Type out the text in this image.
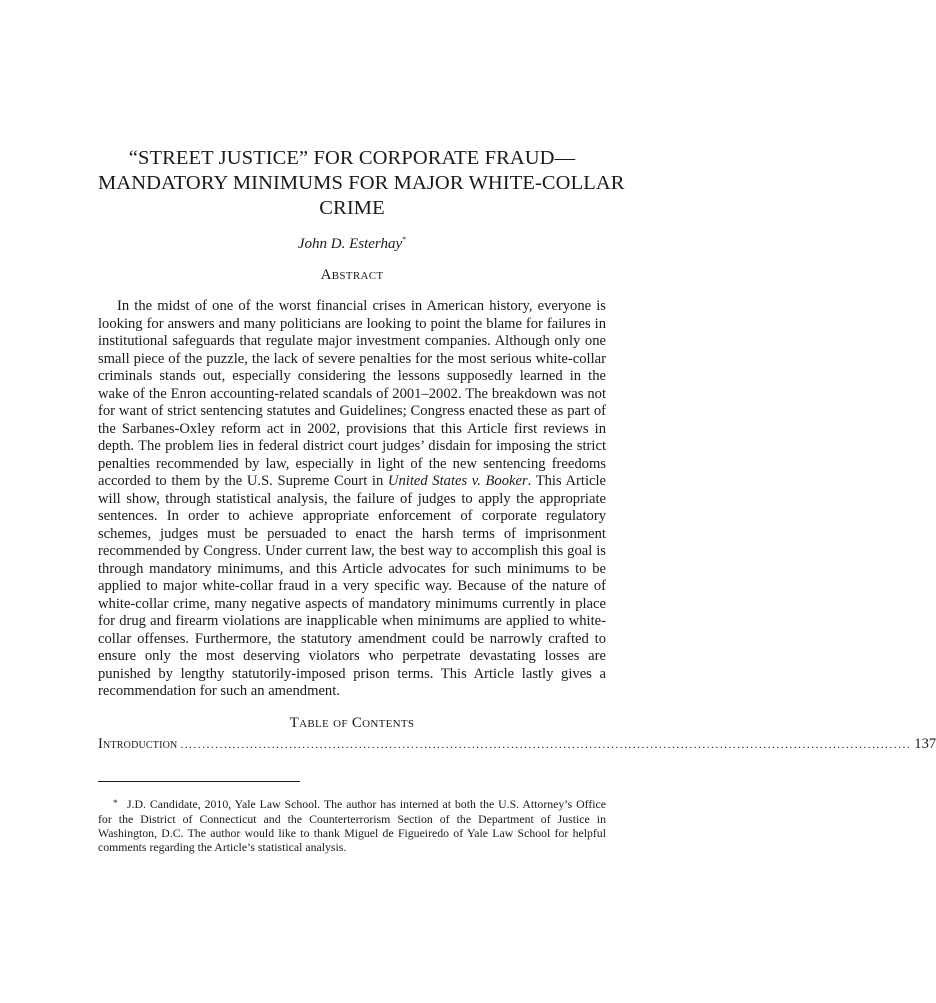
“STREET JUSTICE” FOR CORPORATE FRAUD—
MANDATORY MINIMUMS FOR MAJOR WHITE-COLLAR
CRIME
John D. Esterhay*
Abstract

In the midst of one of the worst financial crises in American history, everyone is looking for answers and many politicians are looking to point the blame for failures in institutional safeguards that regulate major investment companies. Although only one small piece of the puzzle, the lack of severe penalties for the most serious white-collar criminals stands out, especially considering the lessons supposedly learned in the wake of the Enron accounting-related scandals of 2001–2002. The breakdown was not for want of strict sentencing statutes and Guidelines; Congress enacted these as part of the Sarbanes-Oxley reform act in 2002, provisions that this Article first reviews in depth. The problem lies in federal district court judges’ disdain for imposing the strict penalties recommended by law, especially in light of the new sentencing freedoms accorded to them by the U.S. Supreme Court in United States v. Booker. This Article will show, through statistical analysis, the failure of judges to apply the appropriate sentences. In order to achieve appropriate enforcement of corporate regulatory schemes, judges must be persuaded to enact the harsh terms of imprisonment recommended by Congress. Under current law, the best way to accomplish this goal is through mandatory minimums, and this Article advocates for such minimums to be applied to major white-collar fraud in a very specific way. Because of the nature of white-collar crime, many negative aspects of mandatory minimums currently in place for drug and firearm violations are inapplicable when minimums are applied to white-collar offenses. Furthermore, the statutory amendment could be narrowly crafted to ensure only the most deserving violators who perpetrate devastating losses are punished by lengthy statutorily-imposed prison terms. This Article lastly gives a recommendation for such an amendment.

Table of Contents
Introduction ........................................................................................................................................................................ 137

* J.D. Candidate, 2010, Yale Law School. The author has interned at both the U.S. Attorney’s Office for the District of Connecticut and the Counterterrorism Section of the Department of Justice in Washington, D.C. The author would like to thank Miguel de Figueiredo of Yale Law School for helpful comments regarding the Article’s statistical analysis.
